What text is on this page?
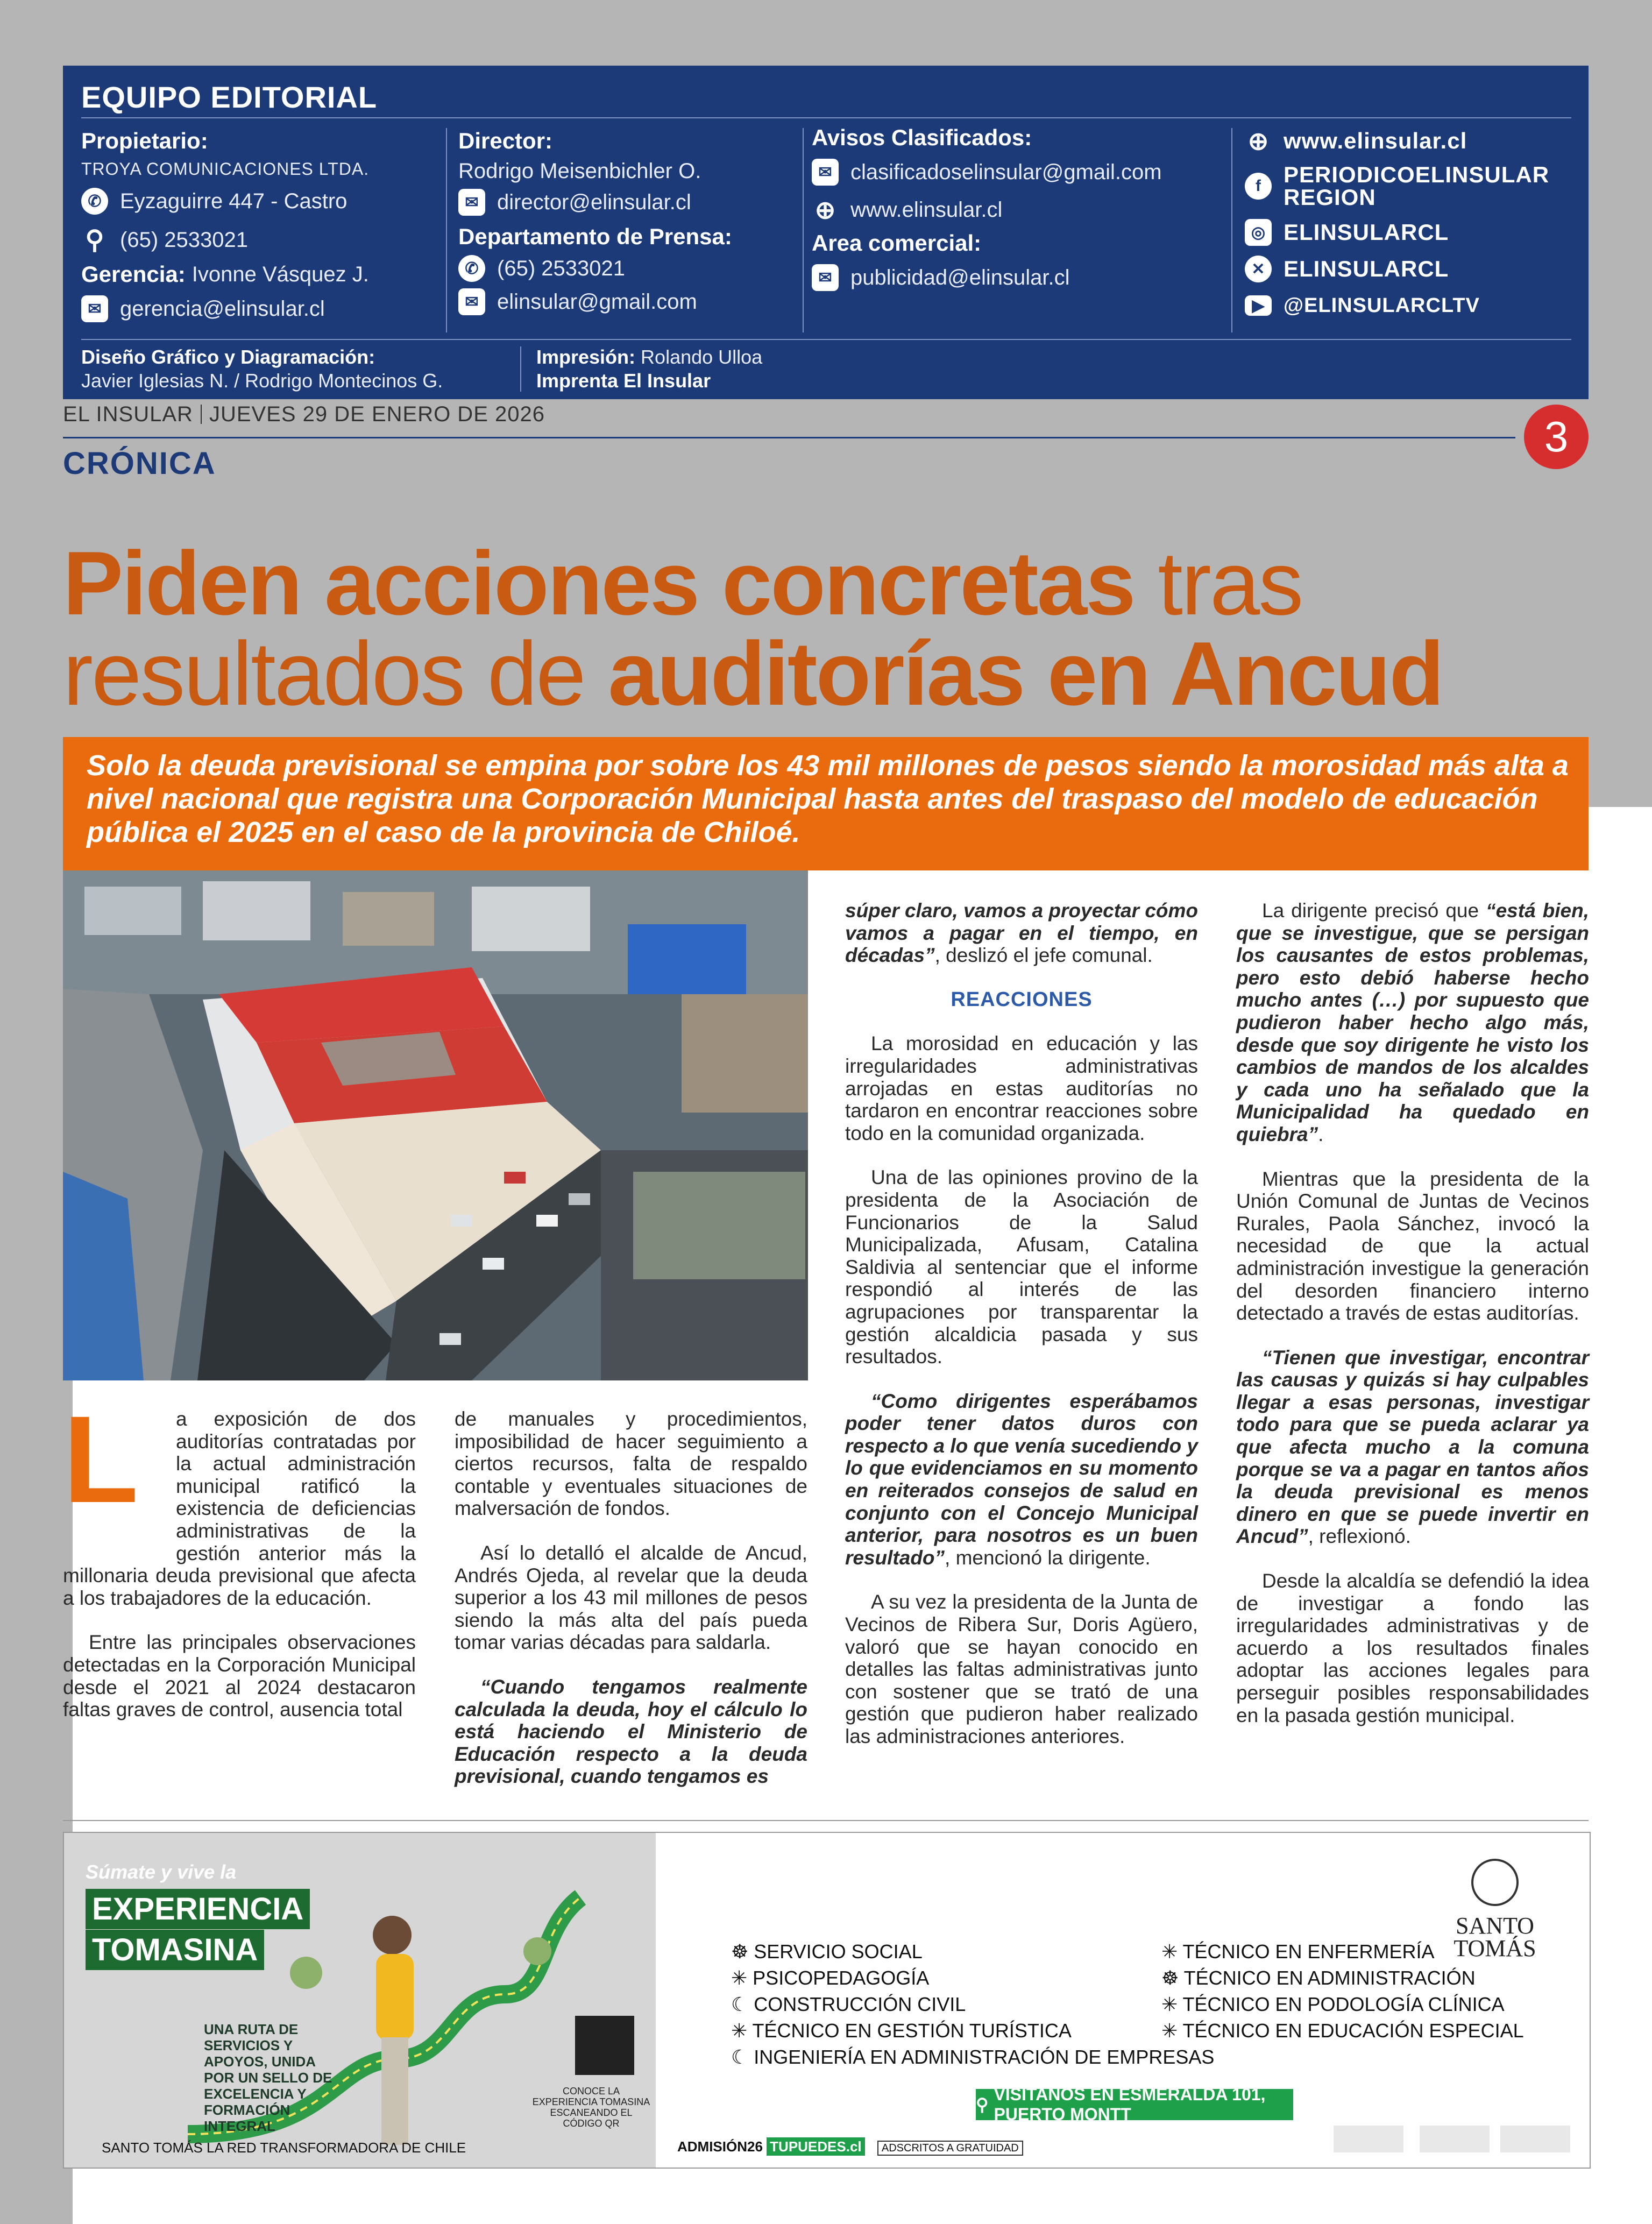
EQUIPO EDITORIAL
Propietario:
TROYA COMUNICACIONES LTDA.
✆ Eyzaguirre 447 - Castro
⚲ (65) 2533021
Gerencia: Ivonne Vásquez J.
✉ gerencia@elinsular.cl
Director:
Rodrigo Meisenbichler O.
✉ director@elinsular.cl
Departamento de Prensa:
✆ (65) 2533021
✉ elinsular@gmail.com
Avisos Clasificados:
✉ clasificadoselinsular@gmail.com
⊕ www.elinsular.cl
Area comercial:
✉ publicidad@elinsular.cl
⊕ www.elinsular.cl
f	PERIODICOELINSULAR REGION
◎ ELINSULARCL
✕ ELINSULARCL
▶ @ELINSULARCLTV
Diseño Gráfico y Diagramación:
Javier Iglesias N. / Rodrigo Montecinos G.
Impresión: Rolando Ulloa
Imprenta El Insular
EL INSULAR JUEVES 29 DE ENERO DE 2026
CRÓNICA
3
Piden acciones concretas tras
resultados de auditorías en Ancud
Solo la deuda previsional se empina por sobre los 43 mil millones de pesos siendo la morosidad más alta a nivel nacional que registra una Corporación Municipal hasta antes del traspaso del modelo de educación pública el 2025 en el caso de la provincia de Chiloé.
L	a exposición de dos auditorías contratadas por la actual administración municipal ratificó la existencia de deficiencias administrativas de la gestión anterior más la millonaria deuda previsional que afecta a los trabajadores de la educación.

Entre las principales observaciones detectadas en la Corporación Municipal desde el 2021 al 2024 destacaron faltas graves de control, ausencia total

de manuales y procedimientos, imposibilidad de hacer seguimiento a ciertos recursos, falta de respaldo contable y eventuales situaciones de malversación de fondos.

Así lo detalló el alcalde de Ancud, Andrés Ojeda, al revelar que la deuda superior a los 43 mil millones de pesos siendo la más alta del país pueda tomar varias décadas para saldarla.

“Cuando tengamos realmente calculada la deuda, hoy el cálculo lo está haciendo el Ministerio de Educación respecto a la deuda previsional, cuando tengamos es

súper claro, vamos a proyectar cómo vamos a pagar en el tiempo, en décadas”, deslizó el jefe comunal.

REACCIONES

La morosidad en educación y las irregularidades administrativas arrojadas en estas auditorías no tardaron en encontrar reacciones sobre todo en la comunidad organizada.

Una de las opiniones provino de la presidenta de la Asociación de Funcionarios de la Salud Municipalizada, Afusam, Catalina Saldivia al sentenciar que el informe respondió al interés de las agrupaciones por transparentar la gestión alcaldicia pasada y sus resultados.

“Como dirigentes esperábamos poder tener datos duros con respecto a lo que venía sucediendo y lo que evidenciamos en su momento en reiterados consejos de salud en conjunto con el Concejo Municipal anterior, para nosotros es un buen resultado”, mencionó la dirigente.

A su vez la presidenta de la Junta de Vecinos de Ribera Sur, Doris Agüero, valoró que se hayan conocido en detalles las faltas administrativas junto con sostener que se trató de una gestión que pudieron haber realizado las administraciones anteriores.

La dirigente precisó que “está bien, que se investigue, que se persigan los causantes de estos problemas, pero esto debió haberse hecho mucho antes (…) por supuesto que pudieron haber hecho algo más, desde que soy dirigente he visto los cambios de mandos de los alcaldes y cada uno ha señalado que la Municipalidad ha quedado en quiebra”.

Mientras que la presidenta de la Unión Comunal de Juntas de Vecinos Rurales, Paola Sánchez, invocó la necesidad de que la actual administración investigue la generación del desorden financiero interno detectado a través de estas auditorías.

“Tienen que investigar, encontrar las causas y quizás si hay culpables llegar a esas personas, investigar todo para que se pueda aclarar ya que afecta mucho a la comuna porque se va a pagar en tantos años la deuda previsional es menos dinero en que se puede invertir en Ancud”, reflexionó.

Desde la alcaldía se defendió la idea de investigar a fondo las irregularidades administrativas y de acuerdo a los resultados finales adoptar las acciones legales para perseguir posibles responsabilidades en la pasada gestión municipal.

Súmate y vive la
EXPERIENCIA
TOMASINA
UNA RUTA DE SERVICIOS Y APOYOS, UNIDA POR UN SELLO DE EXCELENCIA Y FORMACIÓN INTEGRAL
SANTO TOMÁS LA RED TRANSFORMADORA DE CHILE
CONOCE LA EXPERIENCIA TOMASINA ESCANEANDO EL CÓDIGO QR
☸ SERVICIO SOCIAL
✳ PSICOPEDAGOGÍA
☾ CONSTRUCCIÓN CIVIL
✳ TÉCNICO EN GESTIÓN TURÍSTICA
☾ INGENIERÍA EN ADMINISTRACIÓN DE EMPRESAS
✳ TÉCNICO EN ENFERMERÍA
☸ TÉCNICO EN ADMINISTRACIÓN
✳ TÉCNICO EN PODOLOGÍA CLÍNICA
✳ TÉCNICO EN EDUCACIÓN ESPECIAL
⚲
VISÍTANOS EN ESMERALDA 101, PUERTO MONTT
ADMISIÓN26 TUPUEDES.cl ADSCRITOS A GRATUIDAD
SANTO
TOMÁS
